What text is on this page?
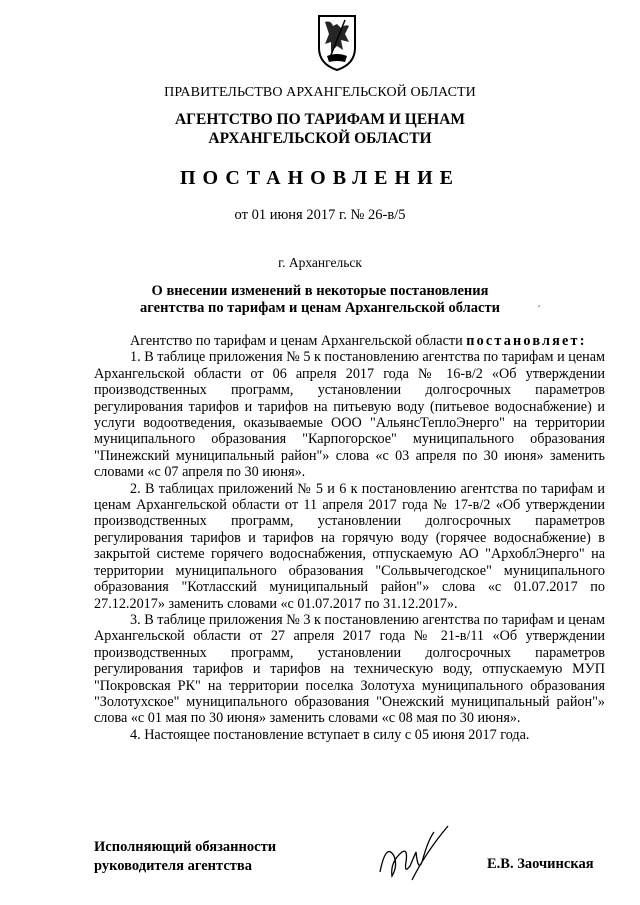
ПРАВИТЕЛЬСТВО АРХАНГЕЛЬСКОЙ ОБЛАСТИ
АГЕНТСТВО ПО ТАРИФАМ И ЦЕНАМ
АРХАНГЕЛЬСКОЙ ОБЛАСТИ
ПОСТАНОВЛЕНИЕ
от 01 июня 2017 г. № 26-в/5
г. Архангельск
О внесении изменений в некоторые постановления
агентства по тарифам и ценам Архангельской области	ʹ

Агентство по тарифам и ценам Архангельской области постановляет:

1. В таблице приложения № 5 к постановлению агентства по тарифам и ценам Архангельской области от 06 апреля 2017 года № 16-в/2 «Об утверждении производственных программ, установлении долгосрочных параметров регулирования тарифов и тарифов на питьевую воду (питьевое водоснабжение) и услуги водоотведения, оказываемые ООО "АльянсТеплоЭнерго" на территории муниципального образования "Карпогорское" муниципального образования "Пинежский муниципальный район"» слова «с 03 апреля по 30 июня» заменить словами «с 07 апреля по 30 июня».

2. В таблицах приложений № 5 и 6 к постановлению агентства по тарифам и ценам Архангельской области от 11 апреля 2017 года № 17-в/2 «Об утверждении производственных программ, установлении долгосрочных параметров регулирования тарифов и тарифов на горячую воду (горячее водоснабжение) в закрытой системе горячего водоснабжения, отпускаемую АО "АрхоблЭнерго" на территории муниципального образования "Сольвычегодское" муниципального образования "Котласский муниципальный район"» слова «с 01.07.2017 по 27.12.2017» заменить словами «с 01.07.2017 по 31.12.2017».

3. В таблице приложения № 3 к постановлению агентства по тарифам и ценам Архангельской области от 27 апреля 2017 года № 21-в/11 «Об утверждении производственных программ, установлении долгосрочных параметров регулирования тарифов и тарифов на техническую воду, отпускаемую МУП "Покровская РК" на территории поселка Золотуха муниципального образования "Золотухское" муниципального образования "Онежский муниципальный район"» слова «с 01 мая по 30 июня» заменить словами «с 08 мая по 30 июня».

4. Настоящее постановление вступает в силу с 05 июня 2017 года.

Исполняющий обязанности
руководителя агентства	Е.В. Заочинская
